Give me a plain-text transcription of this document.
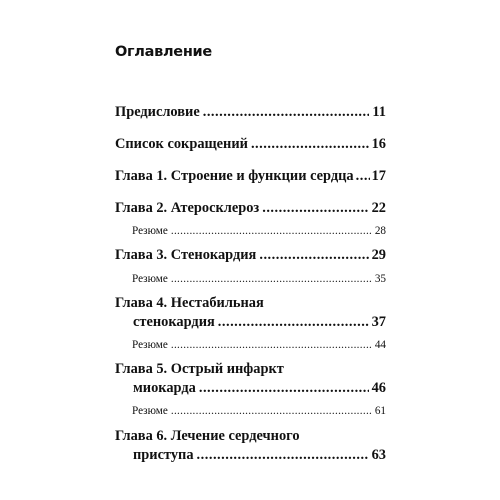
Оглавление
Предисловие .....	11
Список сокращений .....	16
Глава 1. Строение и функции сердца ..... 17
Глава 2. Атеросклероз .....	22
Резюме .....	28
Глава 3. Стенокардия .....	29
Резюме .....	35
Глава 4. Нестабильная
стенокардия .....	37
Резюме .....	44
Глава 5. Острый инфаркт
миокарда .....	46
Резюме .....	61
Глава 6. Лечение сердечного
приступа .....	63
